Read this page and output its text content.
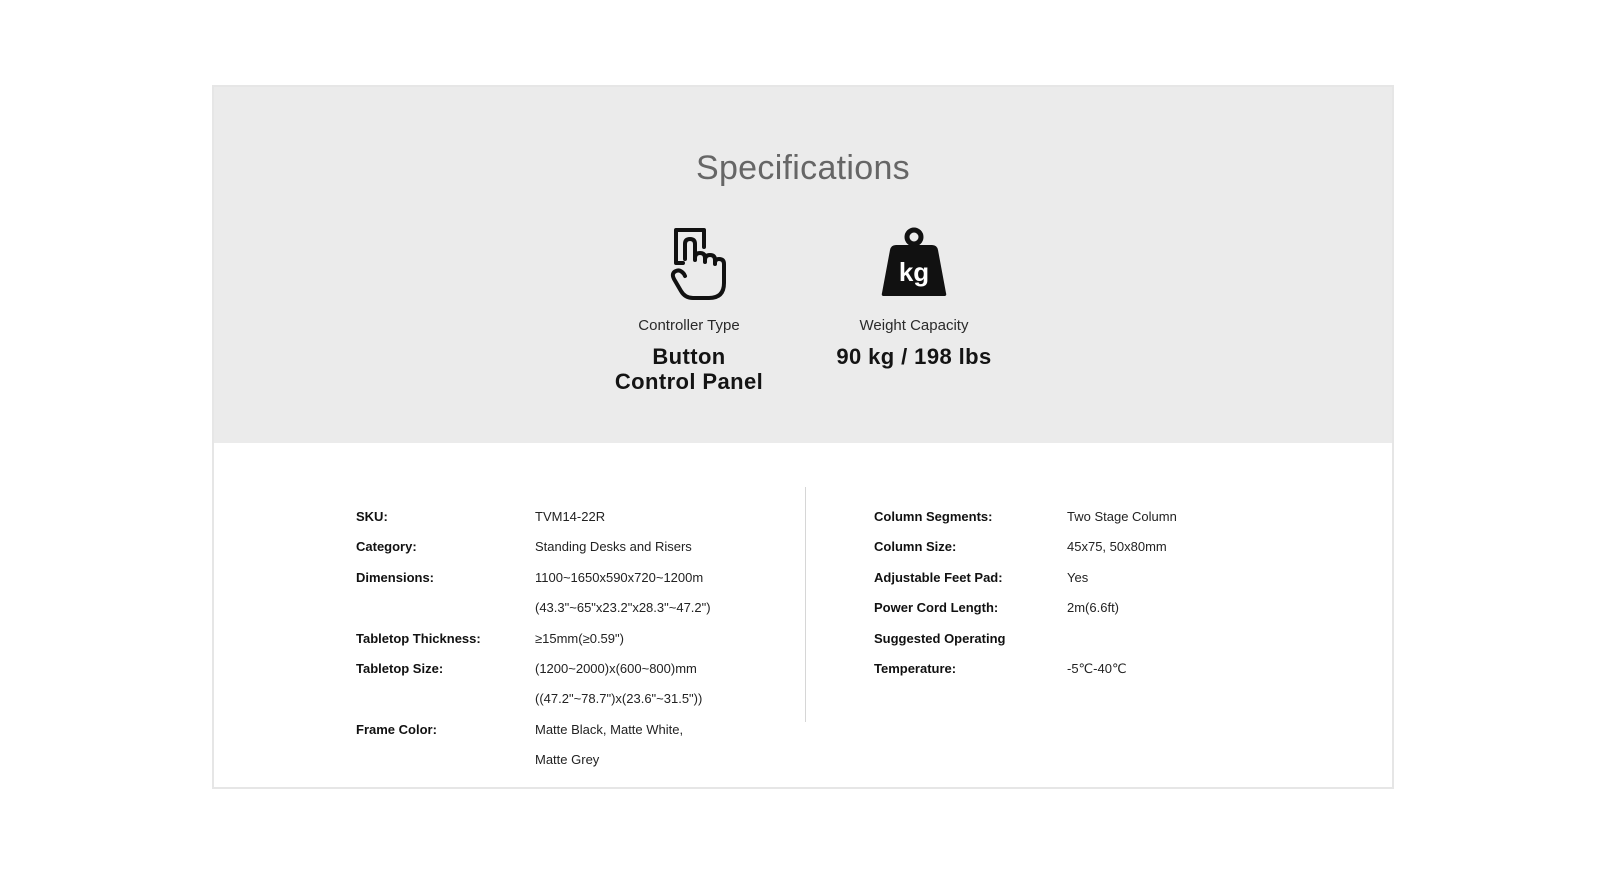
Specifications
Controller Type
Button
Control Panel
kg
Weight Capacity
90 kg / 198 lbs
SKU:	TVM14-22R
Category:	Standing Desks and Risers
Dimensions:	1100~1650x590x720~1200m
(43.3"~65"x23.2"x28.3"~47.2")
Tabletop Thickness:	≥15mm(≥0.59")
Tabletop Size:	(1200~2000)x(600~800)mm
((47.2"~78.7")x(23.6"~31.5"))
Frame Color:	Matte Black, Matte White,
Matte Grey
Column Segments:	Two Stage Column
Column Size:	45x75, 50x80mm
Adjustable Feet Pad:	Yes
Power Cord Length:	2m(6.6ft)
Suggested Operating
Temperature:	-5℃-40℃
